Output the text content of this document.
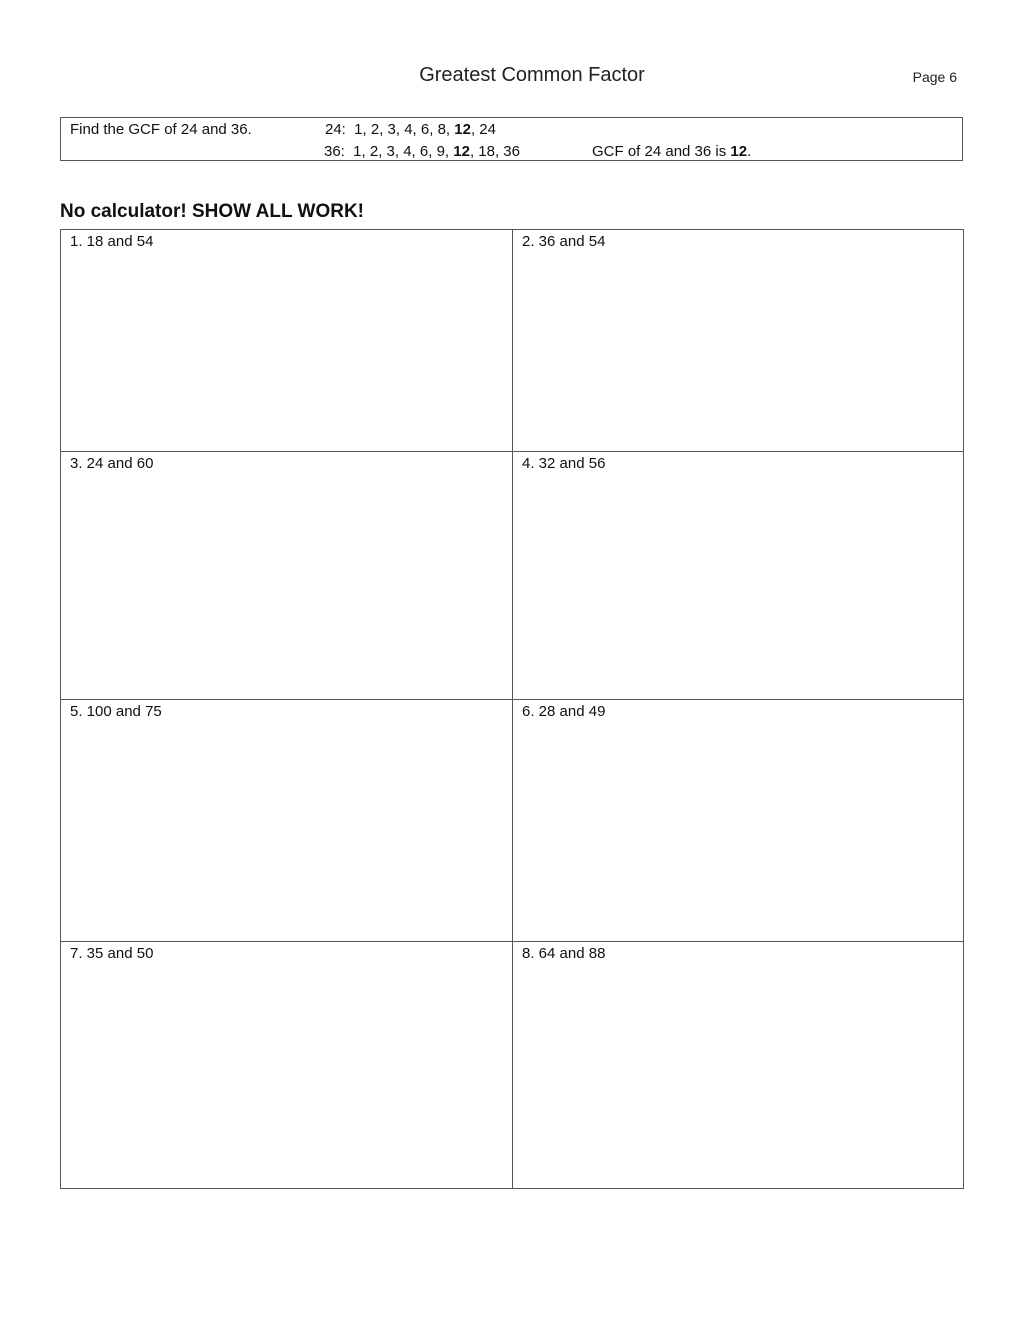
Greatest Common Factor	Page 6
Find the GCF of 24 and 36.	24:  1, 2, 3, 4, 6, 8, 12, 24
36:  1, 2, 3, 4, 6, 9, 12, 18, 36	GCF of 24 and 36 is 12.
No calculator! SHOW ALL WORK!
1. 18 and 54	2. 36 and 54
3. 24 and 60	4. 32 and 56
5. 100 and 75	6. 28 and 49
7. 35 and 50	8. 64 and 88
